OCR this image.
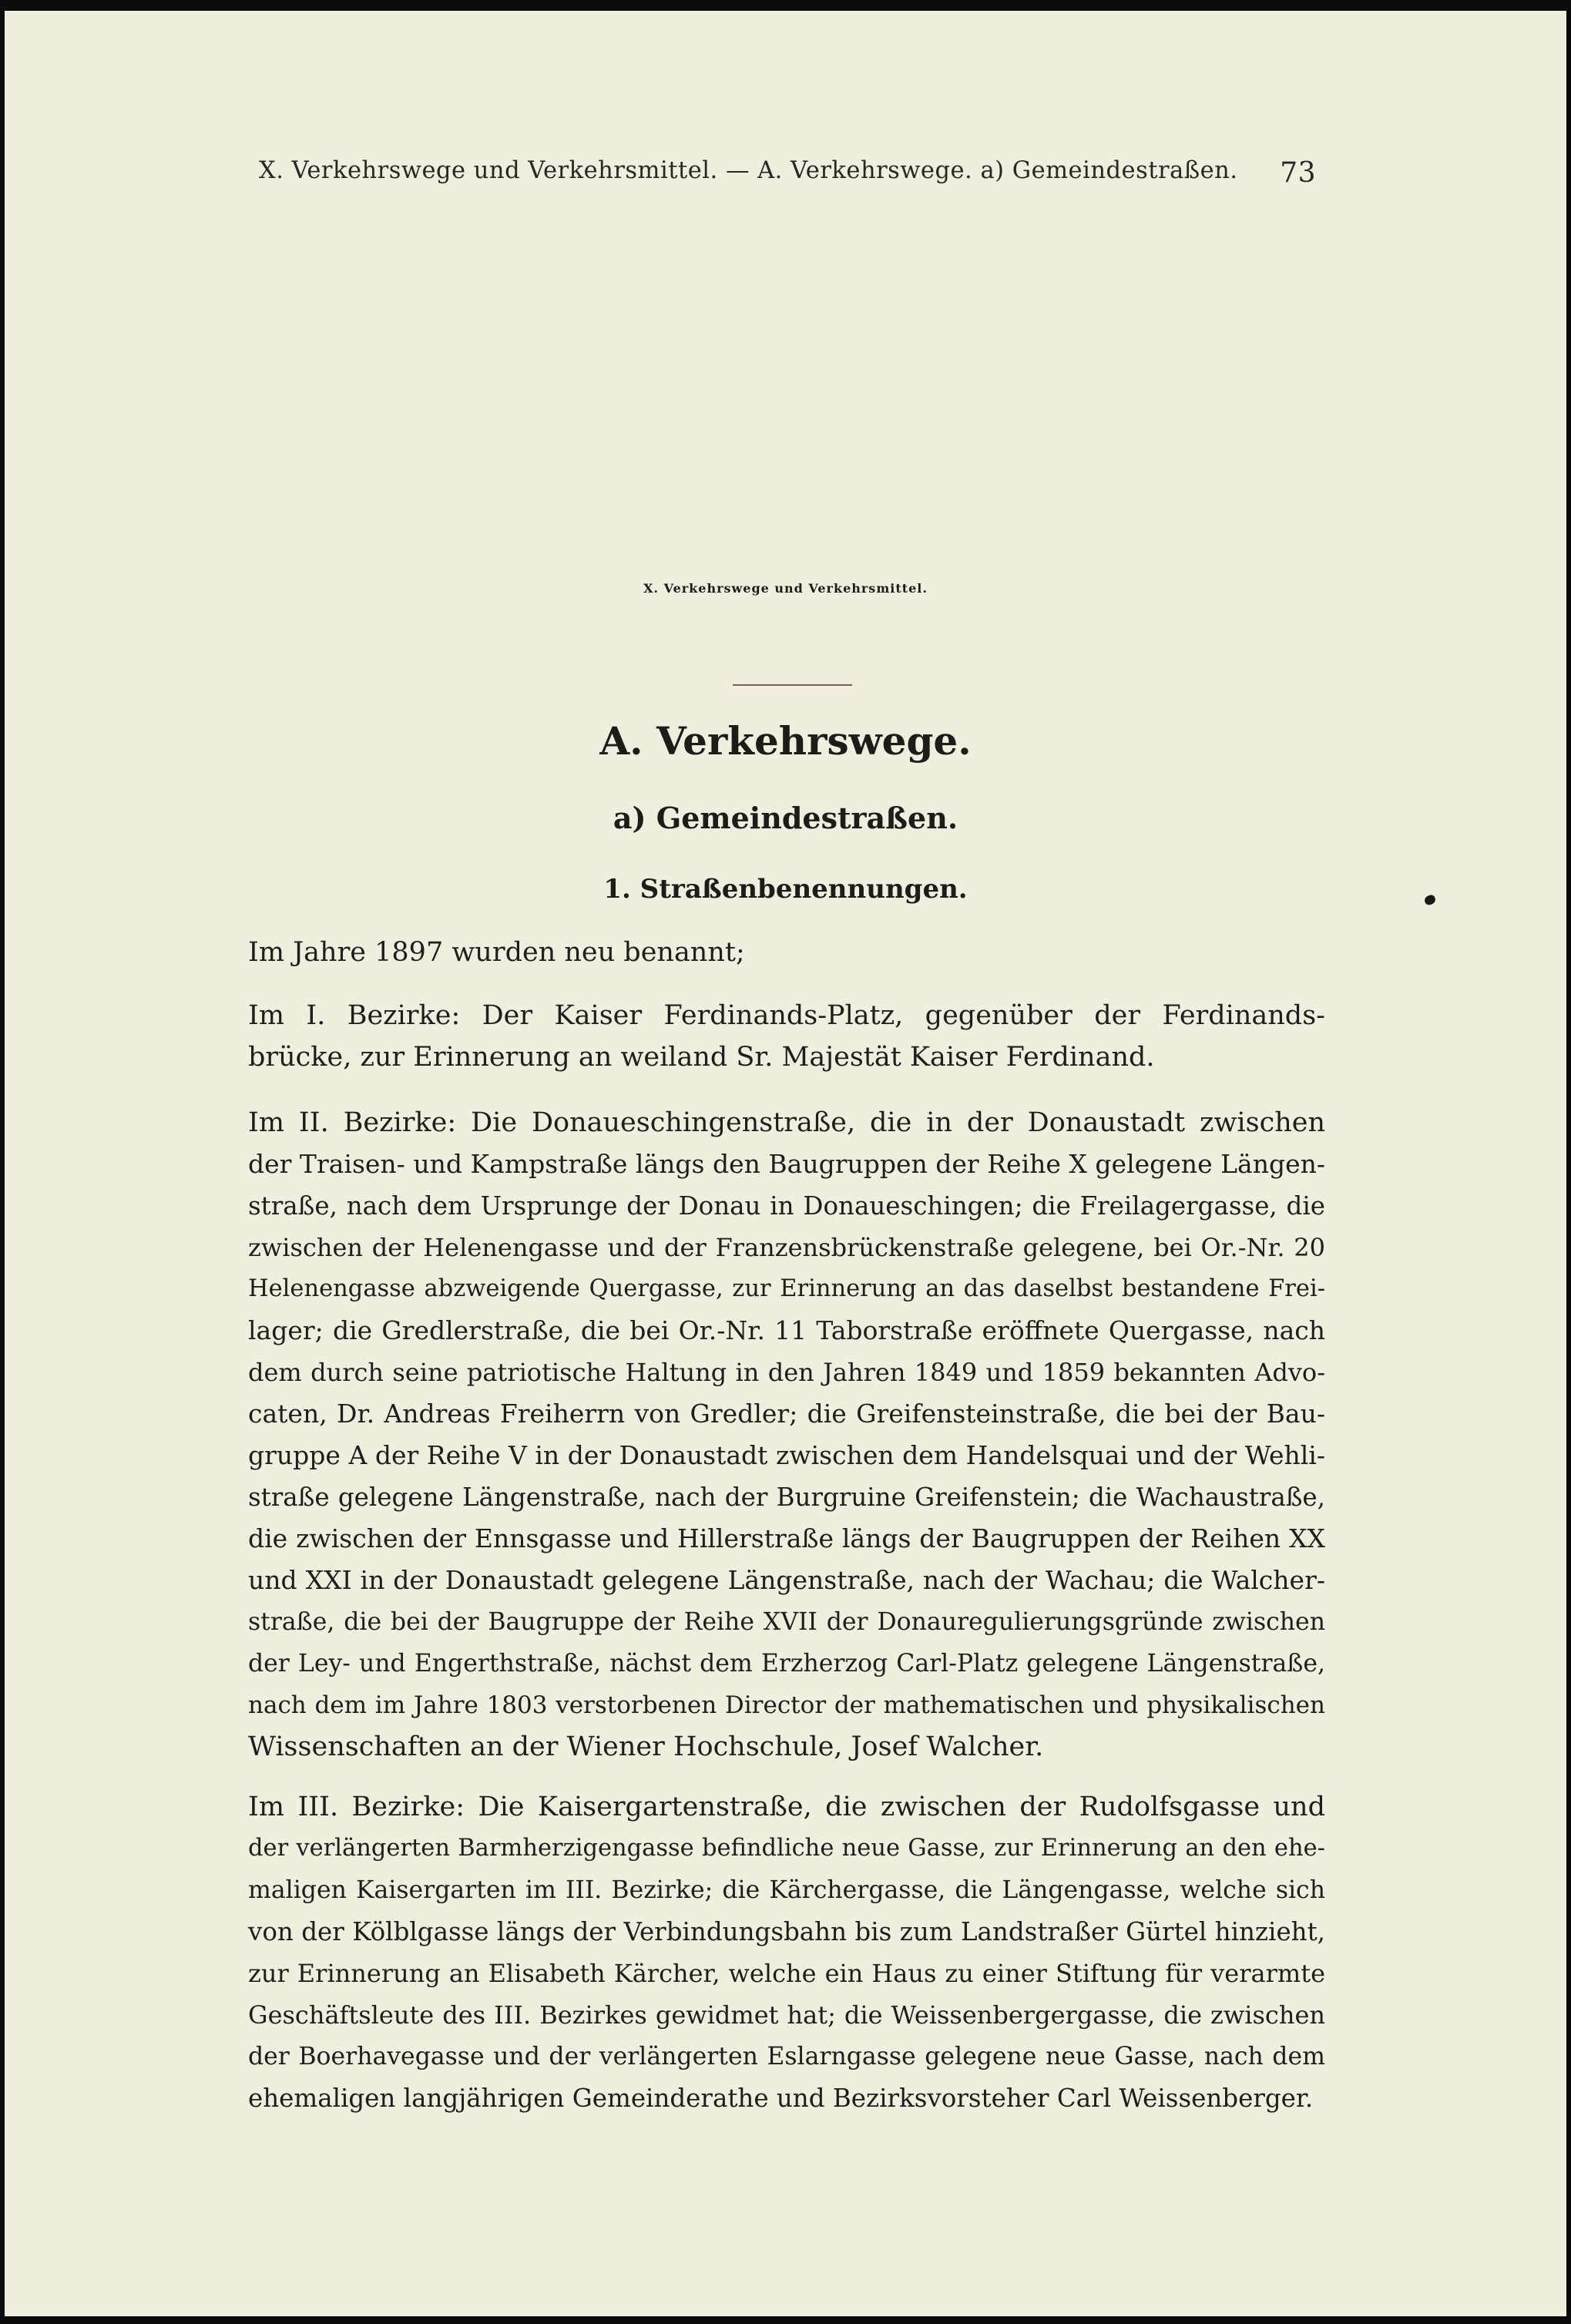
X. Verkehrswege und Verkehrsmittel. — A. Verkehrswege. a) Gemeindestraßen. 73
X. Verkehrswege und Verkehrsmittel.
A. Verkehrswege.
a) Gemeindestraßen.
1. Straßenbenennungen.
Im Jahre 1897 wurden neu benannt;
Im I. Bezirke: Der Kaiser Ferdinands-Platz, gegenüber der Ferdinands-
brücke, zur Erinnerung an weiland Sr. Majestät Kaiser Ferdinand.
Im II. Bezirke: Die Donaueschingenstraße, die in der Donaustadt zwischen
der Traisen- und Kampstraße längs den Baugruppen der Reihe X gelegene Längen-
straße, nach dem Ursprunge der Donau in Donaueschingen; die Freilagergasse, die
zwischen der Helenengasse und der Franzensbrückenstraße gelegene, bei Or.-Nr. 20
Helenengasse abzweigende Quergasse, zur Erinnerung an das daselbst bestandene Frei-
lager; die Gredlerstraße, die bei Or.-Nr. 11 Taborstraße eröffnete Quergasse, nach
dem durch seine patriotische Haltung in den Jahren 1849 und 1859 bekannten Advo-
caten, Dr. Andreas Freiherrn von Gredler; die Greifensteinstraße, die bei der Bau-
gruppe A der Reihe V in der Donaustadt zwischen dem Handelsquai und der Wehli-
straße gelegene Längenstraße, nach der Burgruine Greifenstein; die Wachaustraße,
die zwischen der Ennsgasse und Hillerstraße längs der Baugruppen der Reihen XX
und XXI in der Donaustadt gelegene Längenstraße, nach der Wachau; die Walcher-
straße, die bei der Baugruppe der Reihe XVII der Donauregulierungsgründe zwischen
der Ley- und Engerthstraße, nächst dem Erzherzog Carl-Platz gelegene Längenstraße,
nach dem im Jahre 1803 verstorbenen Director der mathematischen und physikalischen
Wissenschaften an der Wiener Hochschule, Josef Walcher.
Im III. Bezirke: Die Kaisergartenstraße, die zwischen der Rudolfsgasse und
der verlängerten Barmherzigengasse befindliche neue Gasse, zur Erinnerung an den ehe-
maligen Kaisergarten im III. Bezirke; die Kärchergasse, die Längengasse, welche sich
von der Kölblgasse längs der Verbindungsbahn bis zum Landstraßer Gürtel hinzieht,
zur Erinnerung an Elisabeth Kärcher, welche ein Haus zu einer Stiftung für verarmte
Geschäftsleute des III. Bezirkes gewidmet hat; die Weissenbergergasse, die zwischen
der Boerhavegasse und der verlängerten Eslarngasse gelegene neue Gasse, nach dem
ehemaligen langjährigen Gemeinderathe und Bezirksvorsteher Carl Weissenberger.
